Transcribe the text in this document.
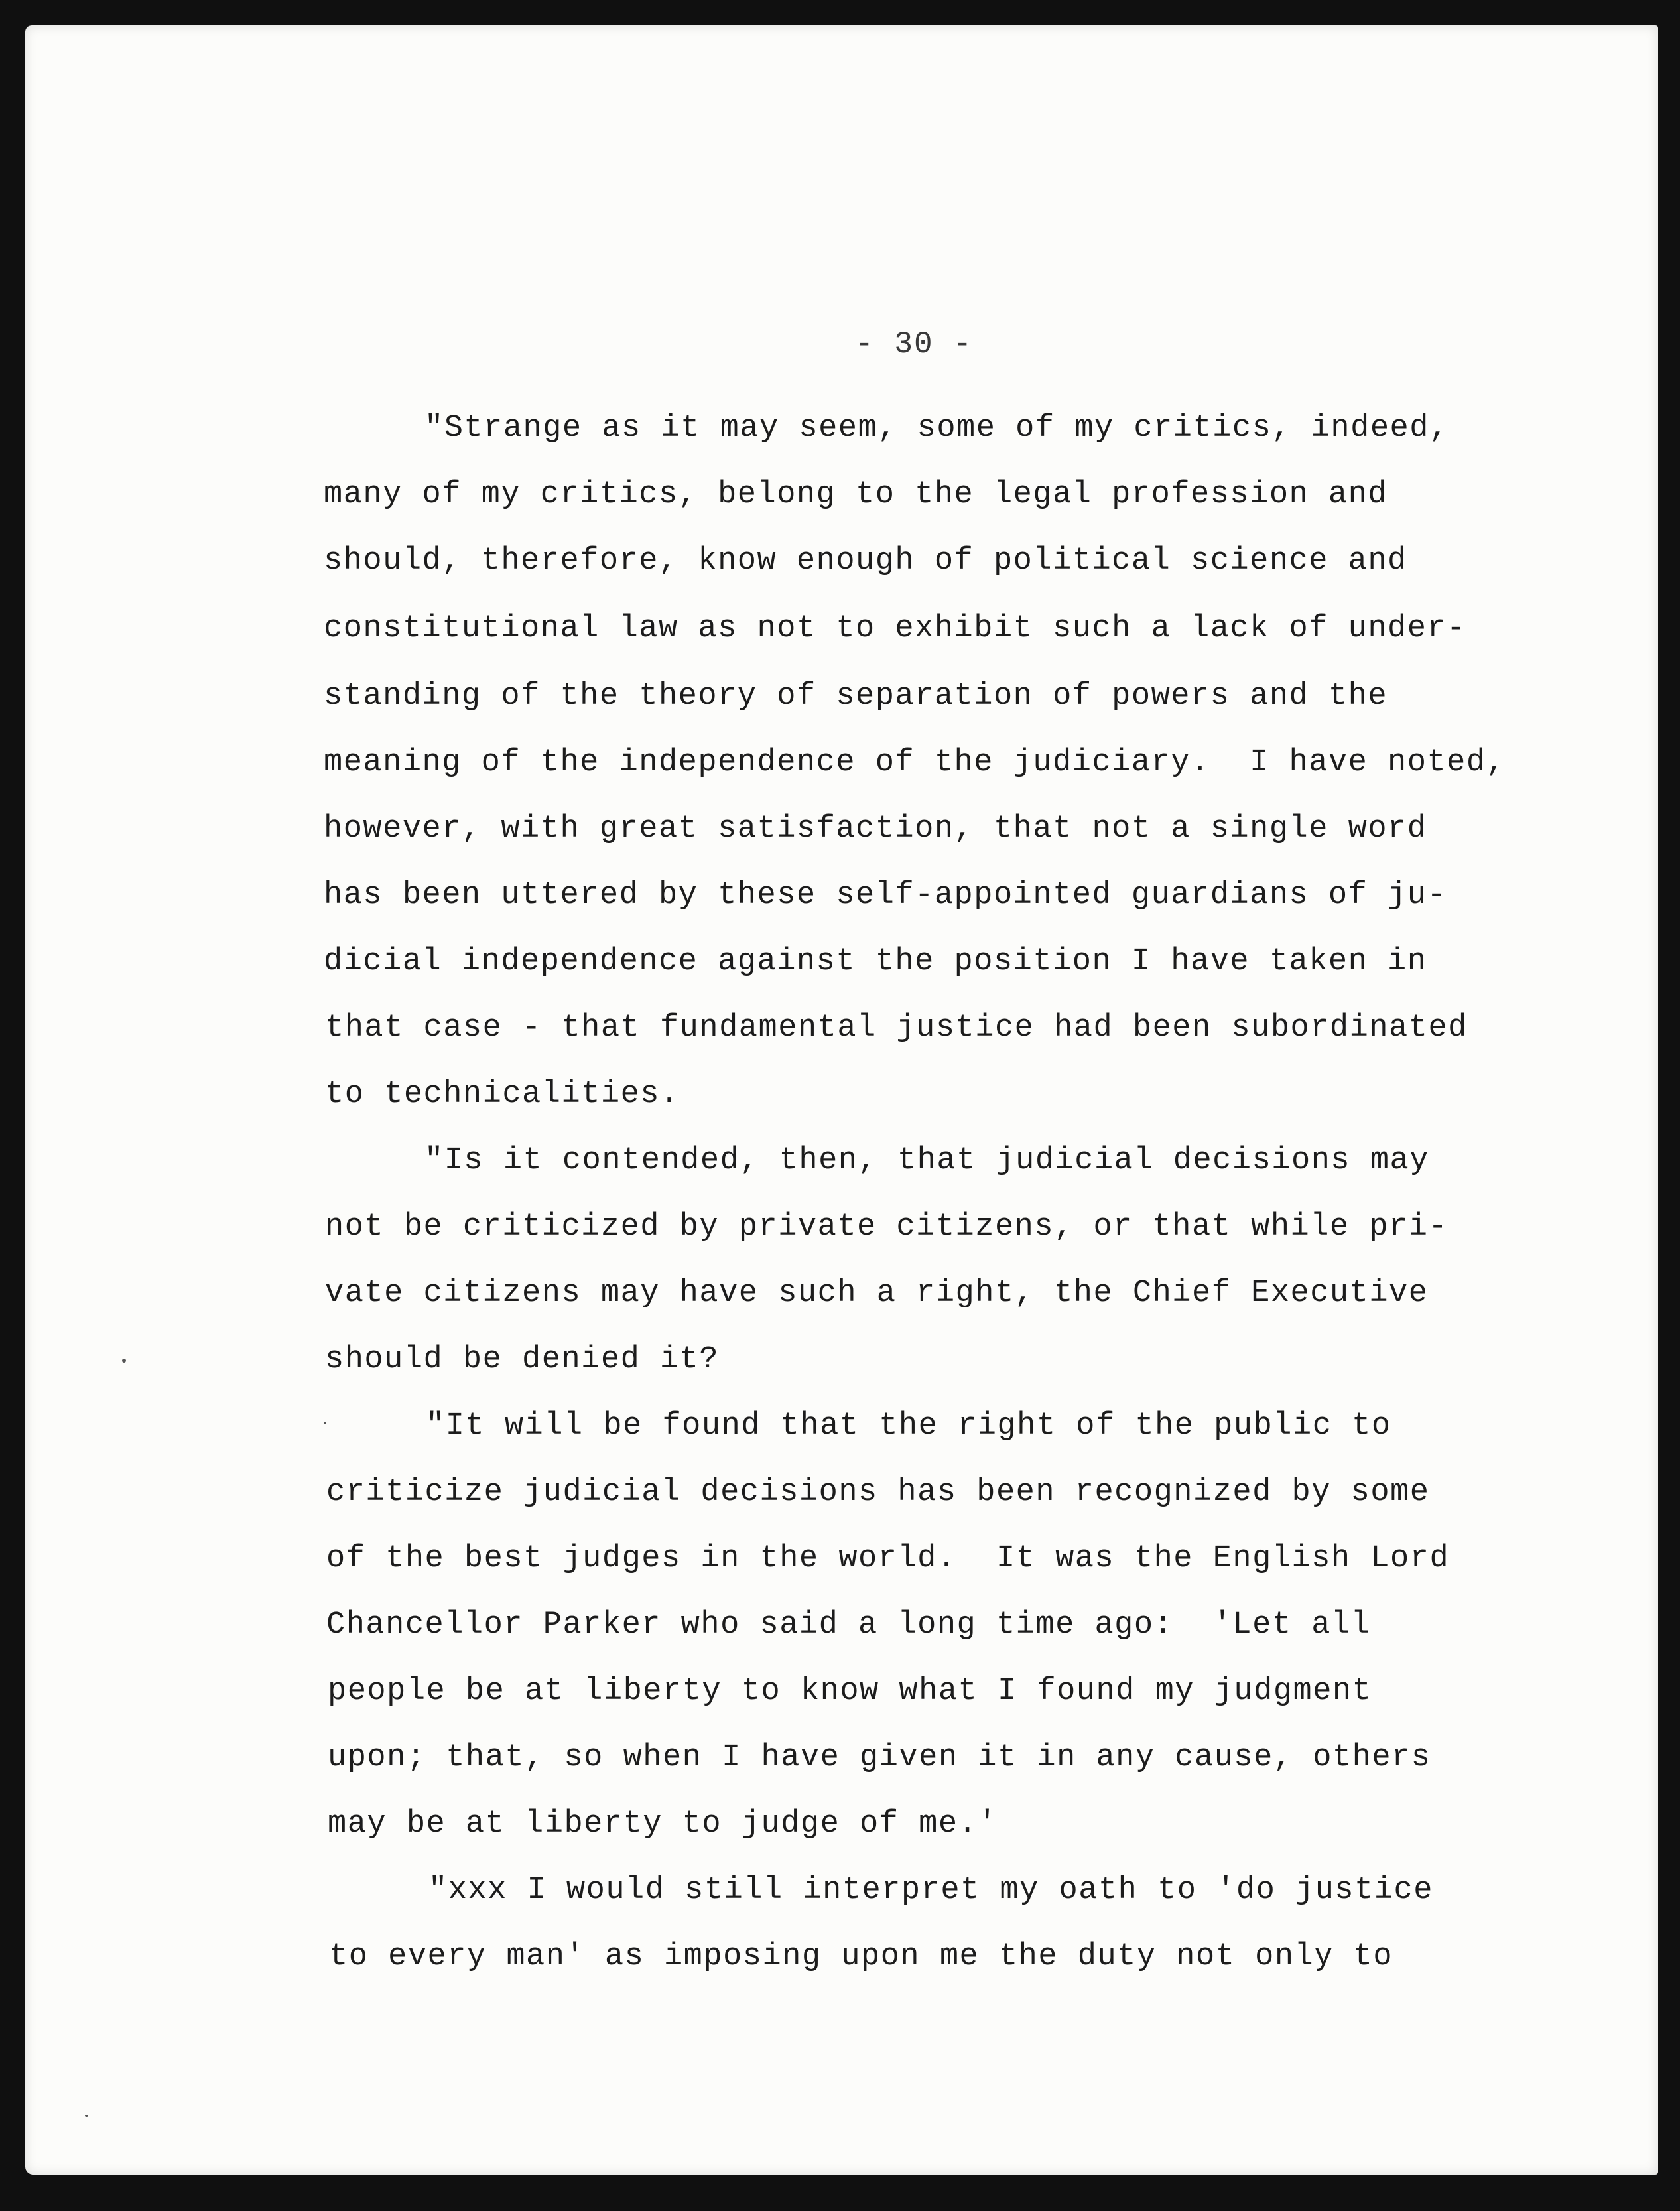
- 30 -
"Strange as it may seem, some of my critics, indeed,
many of my critics, belong to the legal profession and
should, therefore, know enough of political science and
constitutional law as not to exhibit such a lack of under-
standing of the theory of separation of powers and the
meaning of the independence of the judiciary.  I have noted,
however, with great satisfaction, that not a single word
has been uttered by these self-appointed guardians of ju-
dicial independence against the position I have taken in
that case - that fundamental justice had been subordinated
to technicalities.
"Is it contended, then, that judicial decisions may
not be criticized by private citizens, or that while pri-
vate citizens may have such a right, the Chief Executive
should be denied it?
"It will be found that the right of the public to
criticize judicial decisions has been recognized by some
of the best judges in the world.  It was the English Lord
Chancellor Parker who said a long time ago:  'Let all
people be at liberty to know what I found my judgment
upon; that, so when I have given it in any cause, others
may be at liberty to judge of me.'
"xxx I would still interpret my oath to 'do justice
to every man' as imposing upon me the duty not only to
